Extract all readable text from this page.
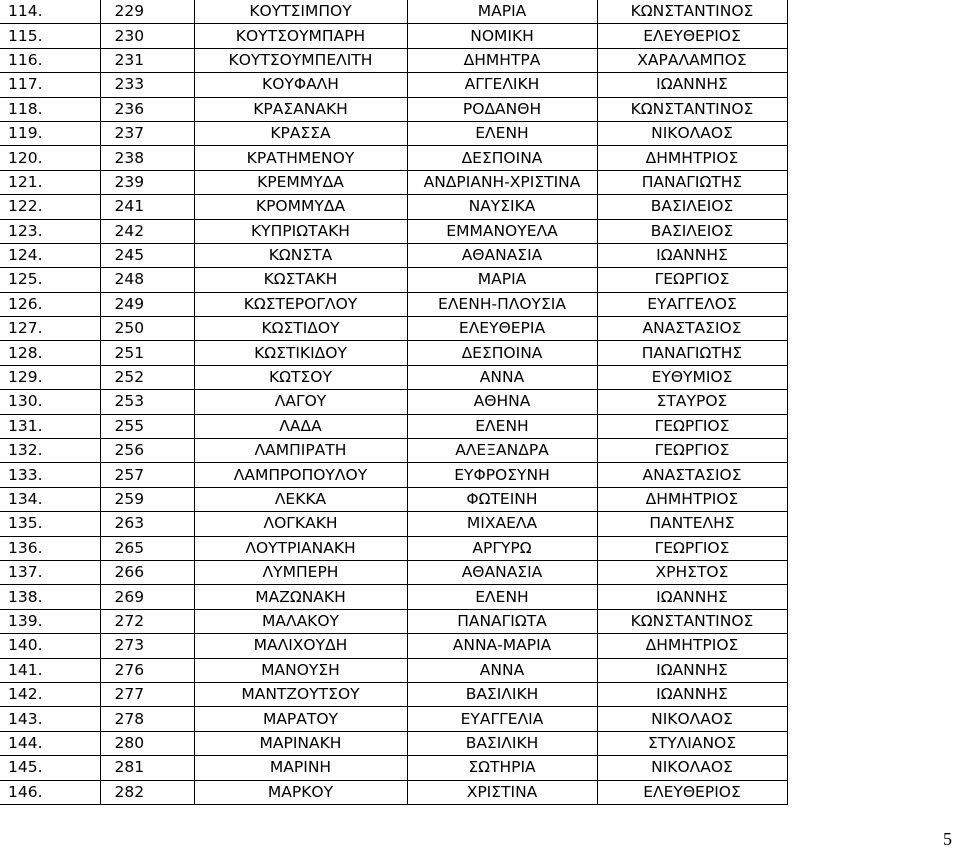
114.	229	ΚΟΥΤΣΙΜΠΟΥ	ΜΑΡΙΑ	ΚΩΝΣΤΑΝΤΙΝΟΣ
115.	230	ΚΟΥΤΣΟΥΜΠΑΡΗ	ΝΟΜΙΚΗ	ΕΛΕΥΘΕΡΙΟΣ
116.	231	ΚΟΥΤΣΟΥΜΠΕΛΙΤΗ	ΔΗΜΗΤΡΑ	ΧΑΡΑΛΑΜΠΟΣ
117.	233	ΚΟΥΦΑΛΗ	ΑΓΓΕΛΙΚΗ	ΙΩΑΝΝΗΣ
118.	236	ΚΡΑΣΑΝΑΚΗ	ΡΟΔΑΝΘΗ	ΚΩΝΣΤΑΝΤΙΝΟΣ
119.	237	ΚΡΑΣΣΑ	ΕΛΕΝΗ	ΝΙΚΟΛΑΟΣ
120.	238	ΚΡΑΤΗΜΕΝΟΥ	ΔΕΣΠΟΙΝΑ	ΔΗΜΗΤΡΙΟΣ
121.	239	ΚΡΕΜΜΥΔΑ	ΑΝΔΡΙΑΝΗ-ΧΡΙΣΤΙΝΑ	ΠΑΝΑΓΙΩΤΗΣ
122.	241	ΚΡΟΜΜΥΔΑ	ΝΑΥΣΙΚΑ	ΒΑΣΙΛΕΙΟΣ
123.	242	ΚΥΠΡΙΩΤΑΚΗ	ΕΜΜΑΝΟΥΕΛΑ	ΒΑΣΙΛΕΙΟΣ
124.	245	ΚΩΝΣΤΑ	ΑΘΑΝΑΣΙΑ	ΙΩΑΝΝΗΣ
125.	248	ΚΩΣΤΑΚΗ	ΜΑΡΙΑ	ΓΕΩΡΓΙΟΣ
126.	249	ΚΩΣΤΕΡΟΓΛΟΥ	ΕΛΕΝΗ-ΠΛΟΥΣΙΑ	ΕΥΑΓΓΕΛΟΣ
127.	250	ΚΩΣΤΙΔΟΥ	ΕΛΕΥΘΕΡΙΑ	ΑΝΑΣΤΑΣΙΟΣ
128.	251	ΚΩΣΤΙΚΙΔΟΥ	ΔΕΣΠΟΙΝΑ	ΠΑΝΑΓΙΩΤΗΣ
129.	252	ΚΩΤΣΟΥ	ΑΝΝΑ	ΕΥΘΥΜΙΟΣ
130.	253	ΛΑΓΟΥ	ΑΘΗΝΑ	ΣΤΑΥΡΟΣ
131.	255	ΛΑΔΑ	ΕΛΕΝΗ	ΓΕΩΡΓΙΟΣ
132.	256	ΛΑΜΠΙΡΑΤΗ	ΑΛΕΞΑΝΔΡΑ	ΓΕΩΡΓΙΟΣ
133.	257	ΛΑΜΠΡΟΠΟΥΛΟΥ	ΕΥΦΡΟΣΥΝΗ	ΑΝΑΣΤΑΣΙΟΣ
134.	259	ΛΕΚΚΑ	ΦΩΤΕΙΝΗ	ΔΗΜΗΤΡΙΟΣ
135.	263	ΛΟΓΚΑΚΗ	ΜΙΧΑΕΛΑ	ΠΑΝΤΕΛΗΣ
136.	265	ΛΟΥΤΡΙΑΝΑΚΗ	ΑΡΓΥΡΩ	ΓΕΩΡΓΙΟΣ
137.	266	ΛΥΜΠΕΡΗ	ΑΘΑΝΑΣΙΑ	ΧΡΗΣΤΟΣ
138.	269	ΜΑΖΩΝΑΚΗ	ΕΛΕΝΗ	ΙΩΑΝΝΗΣ
139.	272	ΜΑΛΑΚΟΥ	ΠΑΝΑΓΙΩΤΑ	ΚΩΝΣΤΑΝΤΙΝΟΣ
140.	273	ΜΑΛΙΧΟΥΔΗ	ΑΝΝΑ-ΜΑΡΙΑ	ΔΗΜΗΤΡΙΟΣ
141.	276	ΜΑΝΟΥΣΗ	ΑΝΝΑ	ΙΩΑΝΝΗΣ
142.	277	ΜΑΝΤΖΟΥΤΣΟΥ	ΒΑΣΙΛΙΚΗ	ΙΩΑΝΝΗΣ
143.	278	ΜΑΡΑΤΟΥ	ΕΥΑΓΓΕΛΙΑ	ΝΙΚΟΛΑΟΣ
144.	280	ΜΑΡΙΝΑΚΗ	ΒΑΣΙΛΙΚΗ	ΣΤΥΛΙΑΝΟΣ
145.	281	ΜΑΡΙΝΗ	ΣΩΤΗΡΙΑ	ΝΙΚΟΛΑΟΣ
146.	282	ΜΑΡΚΟΥ	ΧΡΙΣΤΙΝΑ	ΕΛΕΥΘΕΡΙΟΣ
5
